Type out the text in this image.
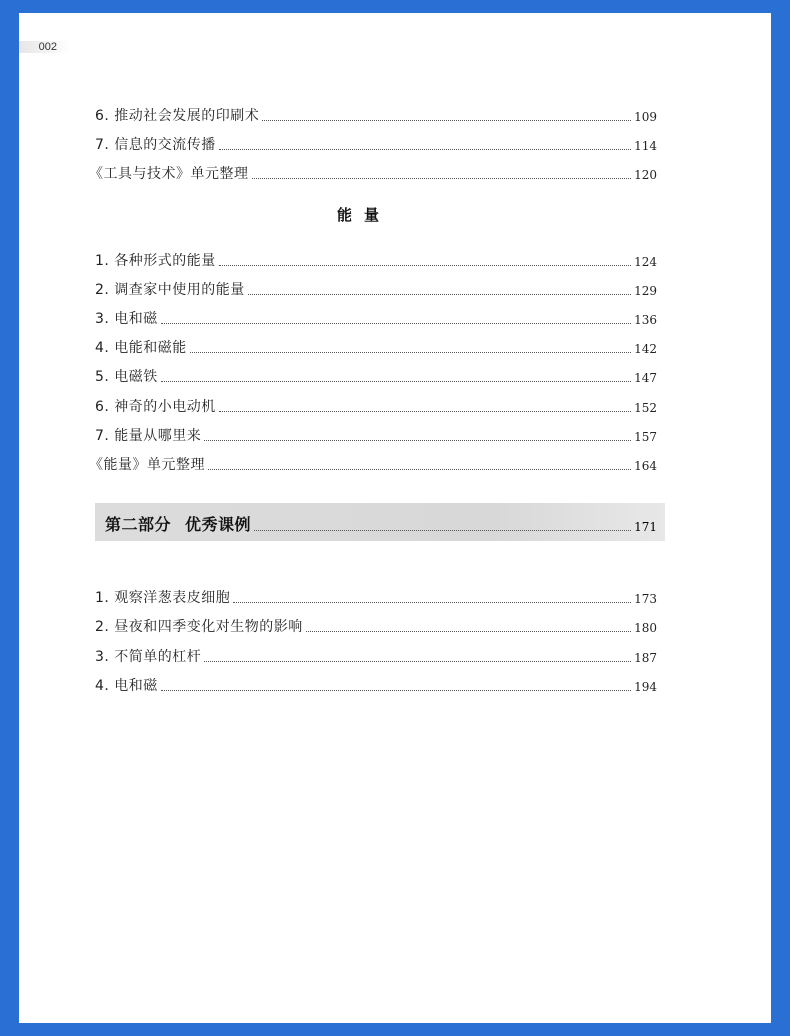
002
6. 推动社会发展的印刷术	109
7. 信息的交流传播	114
《工具与技术》单元整理	120
能量
1. 各种形式的能量	124
2. 调查家中使用的能量	129
3. 电和磁	136
4. 电能和磁能	142
5. 电磁铁	147
6. 神奇的小电动机	152
7. 能量从哪里来	157
《能量》单元整理	164
第二部分 优秀课例	171
1. 观察洋葱表皮细胞	173
2. 昼夜和四季变化对生物的影响	180
3. 不简单的杠杆	187
4. 电和磁	194
